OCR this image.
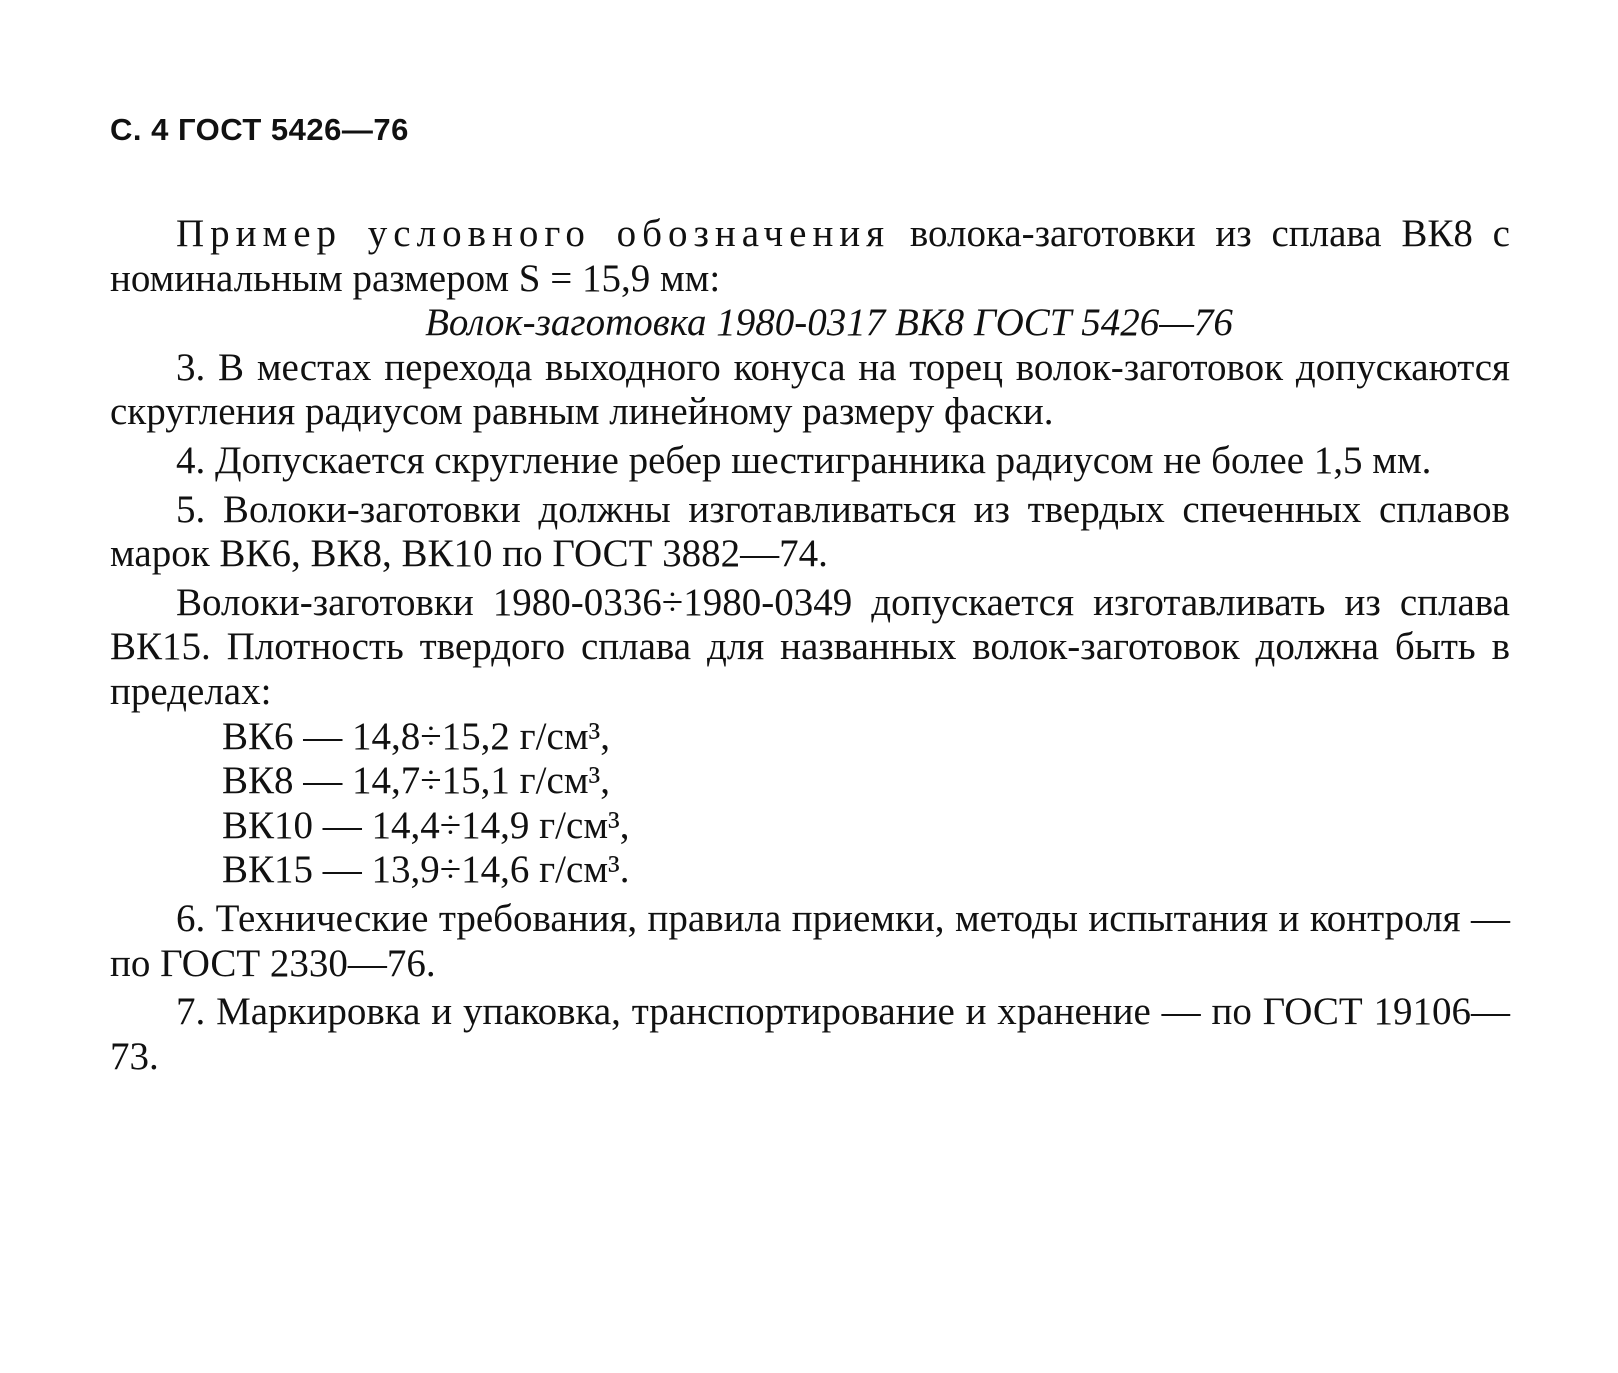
С. 4 ГОСТ 5426—76

Пример условного обозначения волока-заготовки из сплава ВК8 с номинальным размером S = 15,9 мм:

Волок-заготовка 1980-0317 ВК8 ГОСТ 5426—76

3. В местах перехода выходного конуса на торец волок-заготовок допускаются скругления радиусом равным линейному размеру фаски.

4. Допускается скругление ребер шестигранника радиусом не более 1,5 мм.

5. Волоки-заготовки должны изготавливаться из твердых спеченных сплавов марок ВК6, ВК8, ВК10 по ГОСТ 3882—74.

Волоки-заготовки 1980-0336÷1980-0349 допускается изготавливать из сплава ВК15. Плотность твердого сплава для названных волок-заготовок должна быть в пределах:

ВК6 — 14,8÷15,2 г/см³,
ВК8 — 14,7÷15,1 г/см³,
ВК10 — 14,4÷14,9 г/см³,
ВК15 — 13,9÷14,6 г/см³.

6. Технические требования, правила приемки, методы испытания и контроля — по ГОСТ 2330—76.

7. Маркировка и упаковка, транспортирование и хранение — по ГОСТ 19106—73.
